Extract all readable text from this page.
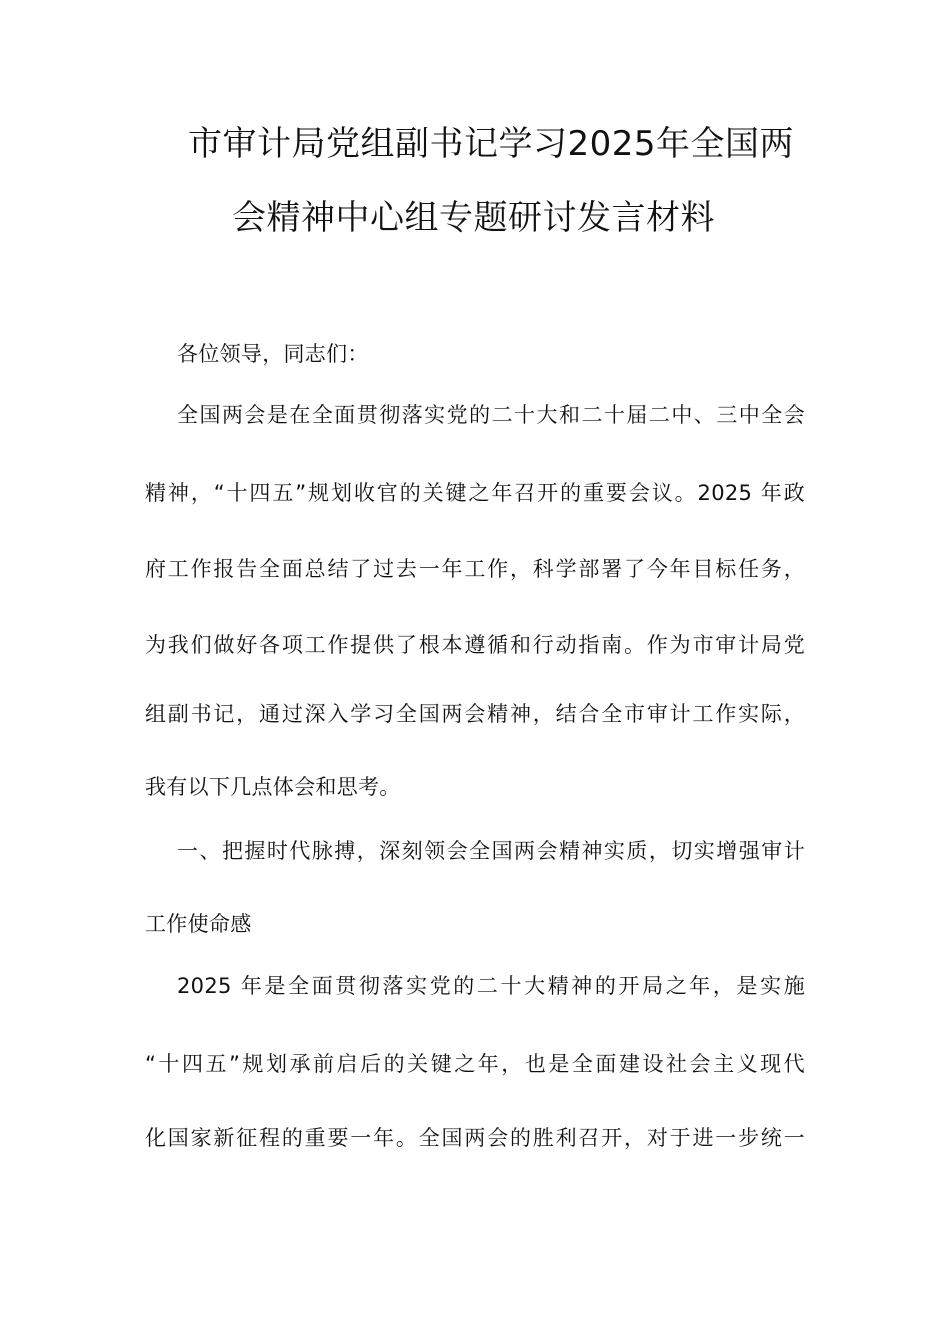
市审计局党组副书记学习2025年全国两
会精神中心组专题研讨发言材料
各位领导，同志们：
全国两会是在全面贯彻落实党的二十大和二十届二中、三中全会
精神，“十四五”规划收官的关键之年召开的重要会议。2025 年政
府工作报告全面总结了过去一年工作，科学部署了今年目标任务，
为我们做好各项工作提供了根本遵循和行动指南。作为市审计局党
组副书记，通过深入学习全国两会精神，结合全市审计工作实际，
我有以下几点体会和思考。
一、把握时代脉搏，深刻领会全国两会精神实质，切实增强审计
工作使命感
2025 年是全面贯彻落实党的二十大精神的开局之年，是实施
“十四五”规划承前启后的关键之年，也是全面建设社会主义现代
化国家新征程的重要一年。全国两会的胜利召开，对于进一步统一
